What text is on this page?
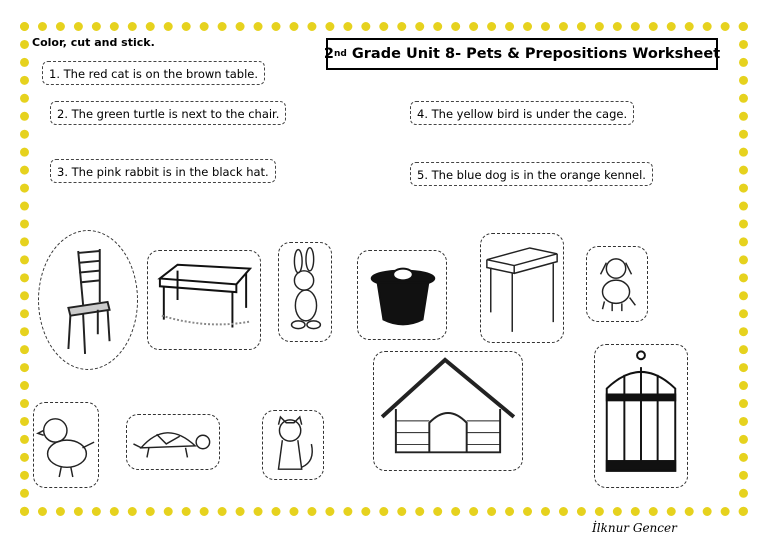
Color, cut and stick.
2 nd Grade Unit 8- Pets & Prepositions Worksheet
1. The red cat is on the brown table.
2. The green turtle is next to the chair.
3. The pink rabbit is in the black hat.
4. The yellow bird is under the cage.
5. The blue dog is in the orange kennel.
İlknur Gencer
